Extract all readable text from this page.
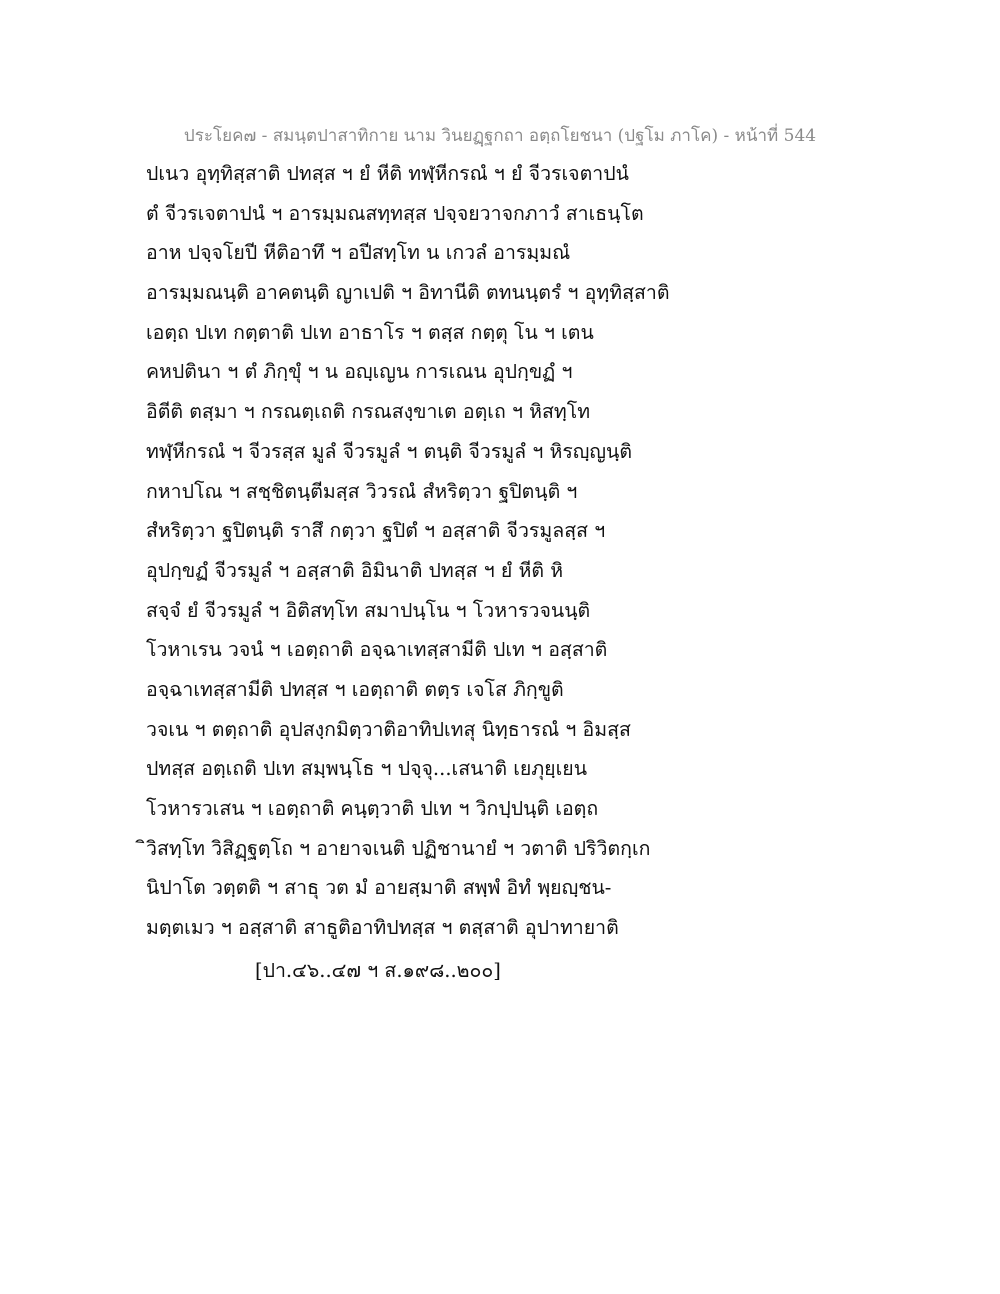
ประโยค๗ - สมนฺตปาสาทิกาย นาม วินยฏฺฐกถา อตฺถโยชนา (ปฐโม ภาโค) - หน้าที่ 544
ปเนว อุทฺทิสฺสาติ ปทสฺส ฯ ยํ หีติ ทฬฺหีกรณํ ฯ ยํ จีวรเจตาปนํ
ตํ จีวรเจตาปนํ ฯ อารมฺมณสทฺทสฺส ปจฺจยวาจกภาวํ สาเธนฺโต
อาห ปจฺจโยปี หีติอาทึ ฯ อปีสทฺโท น เกวลํ อารมฺมณํ
อารมฺมณนฺติ อาคตนฺติ ญาเปติ ฯ อิทานีติ ตทนนฺตรํ ฯ อุทฺทิสฺสาติ
เอตฺถ ปเท กตฺตาติ ปเท อาธาโร ฯ ตสฺส กตฺตุ โน ฯ เตน
คหปตินา ฯ ตํ ภิกฺขุํ ฯ น อญฺเญน การเณน อุปกฺขฏํ ฯ
อิตีติ ตสฺมา ฯ กรณตฺเถติ กรณสงฺขาเต อตฺเถ ฯ หิสทฺโท
ทฬฺหีกรณํ ฯ จีวรสฺส มูลํ จีวรมูลํ ฯ ตนฺติ จีวรมูลํ ฯ หิรญฺญนฺติ
กหาปโณ ฯ สชฺชิตนฺตีมสฺส วิวรณํ สํหริตฺวา ฐปิตนฺติ ฯ
สํหริตฺวา ฐปิตนฺติ ราสึ กตฺวา ฐปิตํ ฯ อสฺสาติ จีวรมูลสฺส ฯ
อุปกฺขฏํ จีวรมูลํ ฯ อสฺสาติ อิมินาติ ปทสฺส ฯ ยํ หีติ หิ
สจฺจํ ยํ จีวรมูลํ ฯ อิติสทฺโท สมาปนฺโน ฯ โวหารวจนนฺติ
โวหาเรน วจนํ ฯ เอตฺถาติ อจฺฉาเทสฺสามีติ ปเท ฯ อสฺสาติ
อจฺฉาเทสฺสามีติ ปทสฺส ฯ เอตฺถาติ ตตฺร เจโส ภิกฺขูติ
วจเน ฯ ตตฺถาติ อุปสงฺกมิตฺวาติอาทิปเทสุ นิทฺธารณํ ฯ อิมสฺส
ปทสฺส อตฺเถติ ปเท สมฺพนฺโธ ฯ ปจฺจุ...เสนาติ เยภุยฺเยน
โวหารวเสน ฯ เอตฺถาติ คนฺตฺวาติ ปเท ฯ วิกปฺปนฺติ เอตฺถ
ิวิสทฺโท วิสิฏฺฐตฺโถ ฯ อายาจเนติ ปฏิชานายํ ฯ วตาติ ปริวิตกฺเก
นิปาโต วตฺตติ ฯ สาธุ วต มํ อายสฺมาติ สพฺพํ อิทํ พฺยญฺชน-
มตฺตเมว ฯ อสฺสาติ สาธูติอาทิปทสฺส ฯ ตสฺสาติ อุปาทายาติ
[ปา.๔๖..๔๗ ฯ ส.๑๙๘..๒๐๐]
